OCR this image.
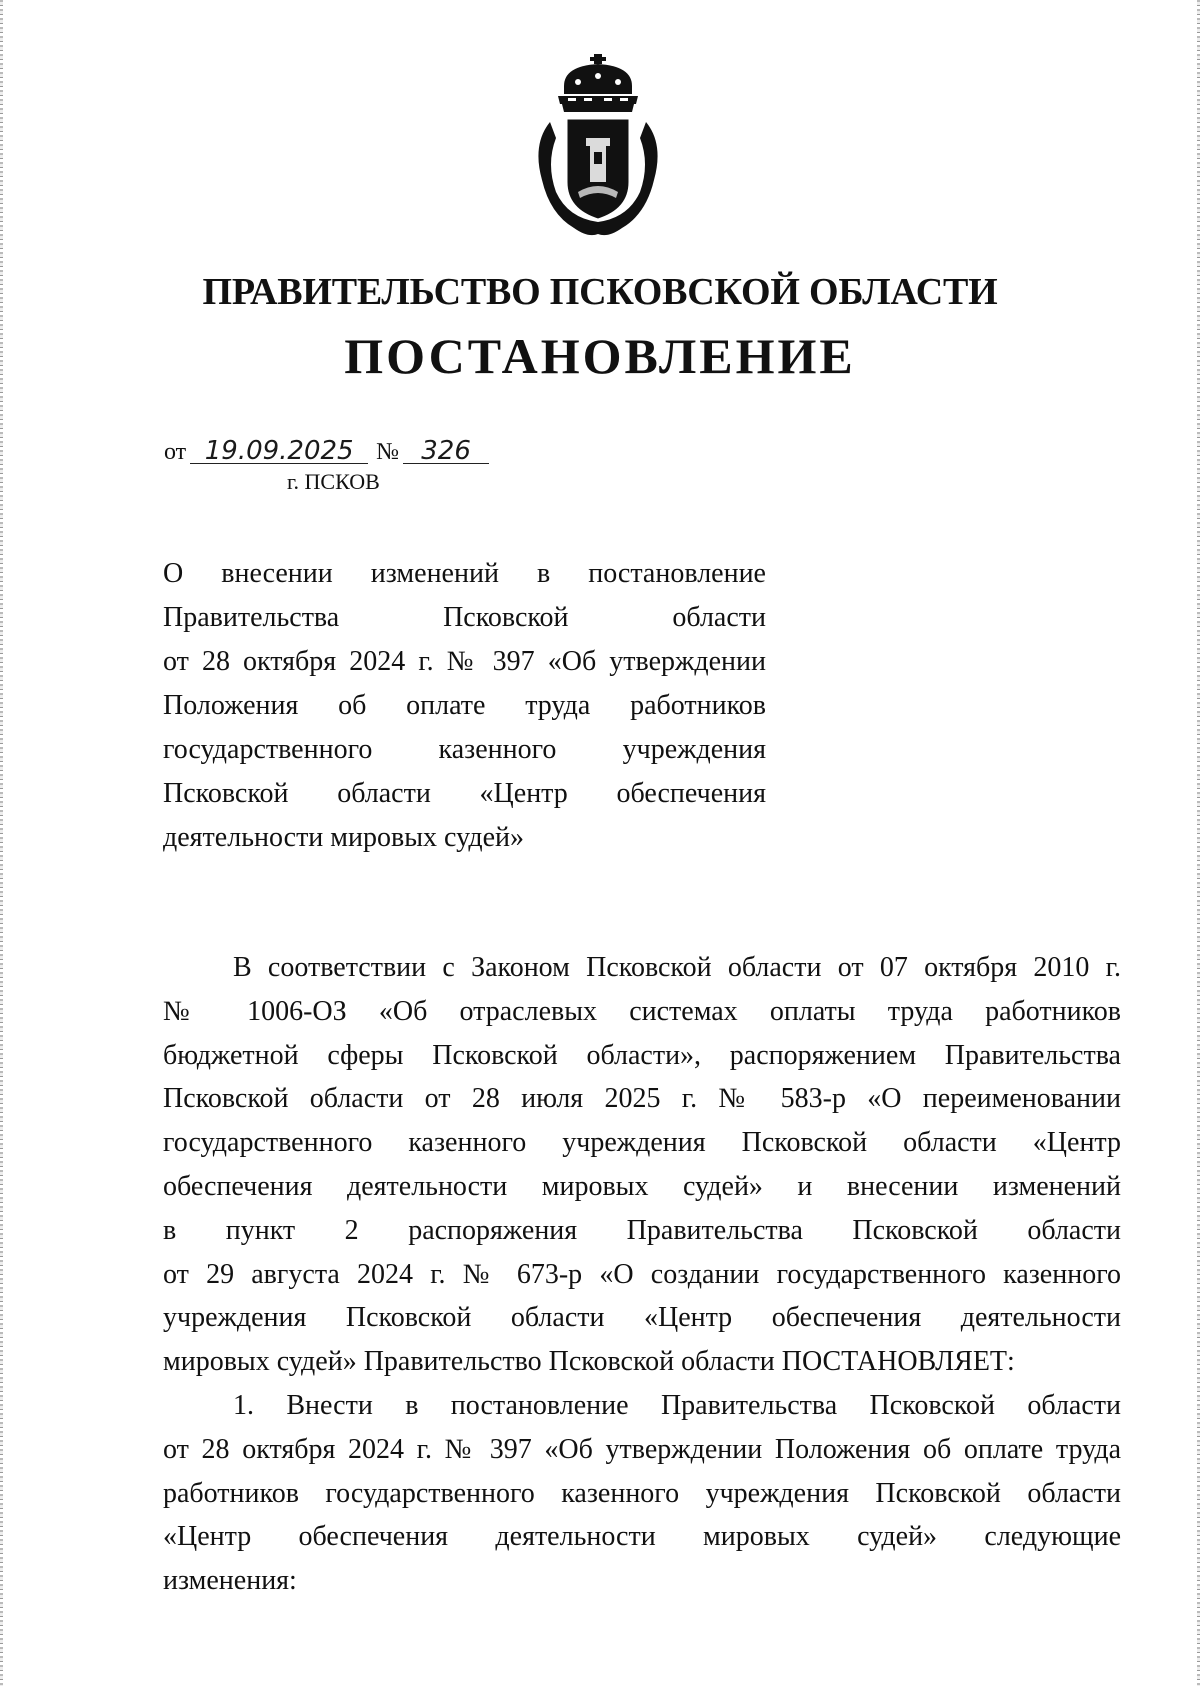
ПРАВИТЕЛЬСТВО ПСКОВСКОЙ ОБЛАСТИ
ПОСТАНОВЛЕНИЕ
от 19.09.2025 № 326
г. ПСКОВ
О внесении изменений в постановление
Правительства Псковской области
от 28 октября 2024 г. № 397 «Об утверждении
Положения об оплате труда работников
государственного казенного учреждения
Псковской области «Центр обеспечения
деятельности мировых судей»
В соответствии с Законом Псковской области от 07 октября 2010 г.
№ 1006-ОЗ «Об отраслевых системах оплаты труда работников
бюджетной сферы Псковской области», распоряжением Правительства
Псковской области от 28 июля 2025 г. № 583-р «О переименовании
государственного казенного учреждения Псковской области «Центр
обеспечения деятельности мировых судей» и внесении изменений
в пункт 2 распоряжения Правительства Псковской области
от 29 августа 2024 г. № 673-р «О создании государственного казенного
учреждения Псковской области «Центр обеспечения деятельности
мировых судей» Правительство Псковской области ПОСТАНОВЛЯЕТ:
1. Внести в постановление Правительства Псковской области
от 28 октября 2024 г. № 397 «Об утверждении Положения об оплате труда
работников государственного казенного учреждения Псковской области
«Центр обеспечения деятельности мировых судей» следующие
изменения:
